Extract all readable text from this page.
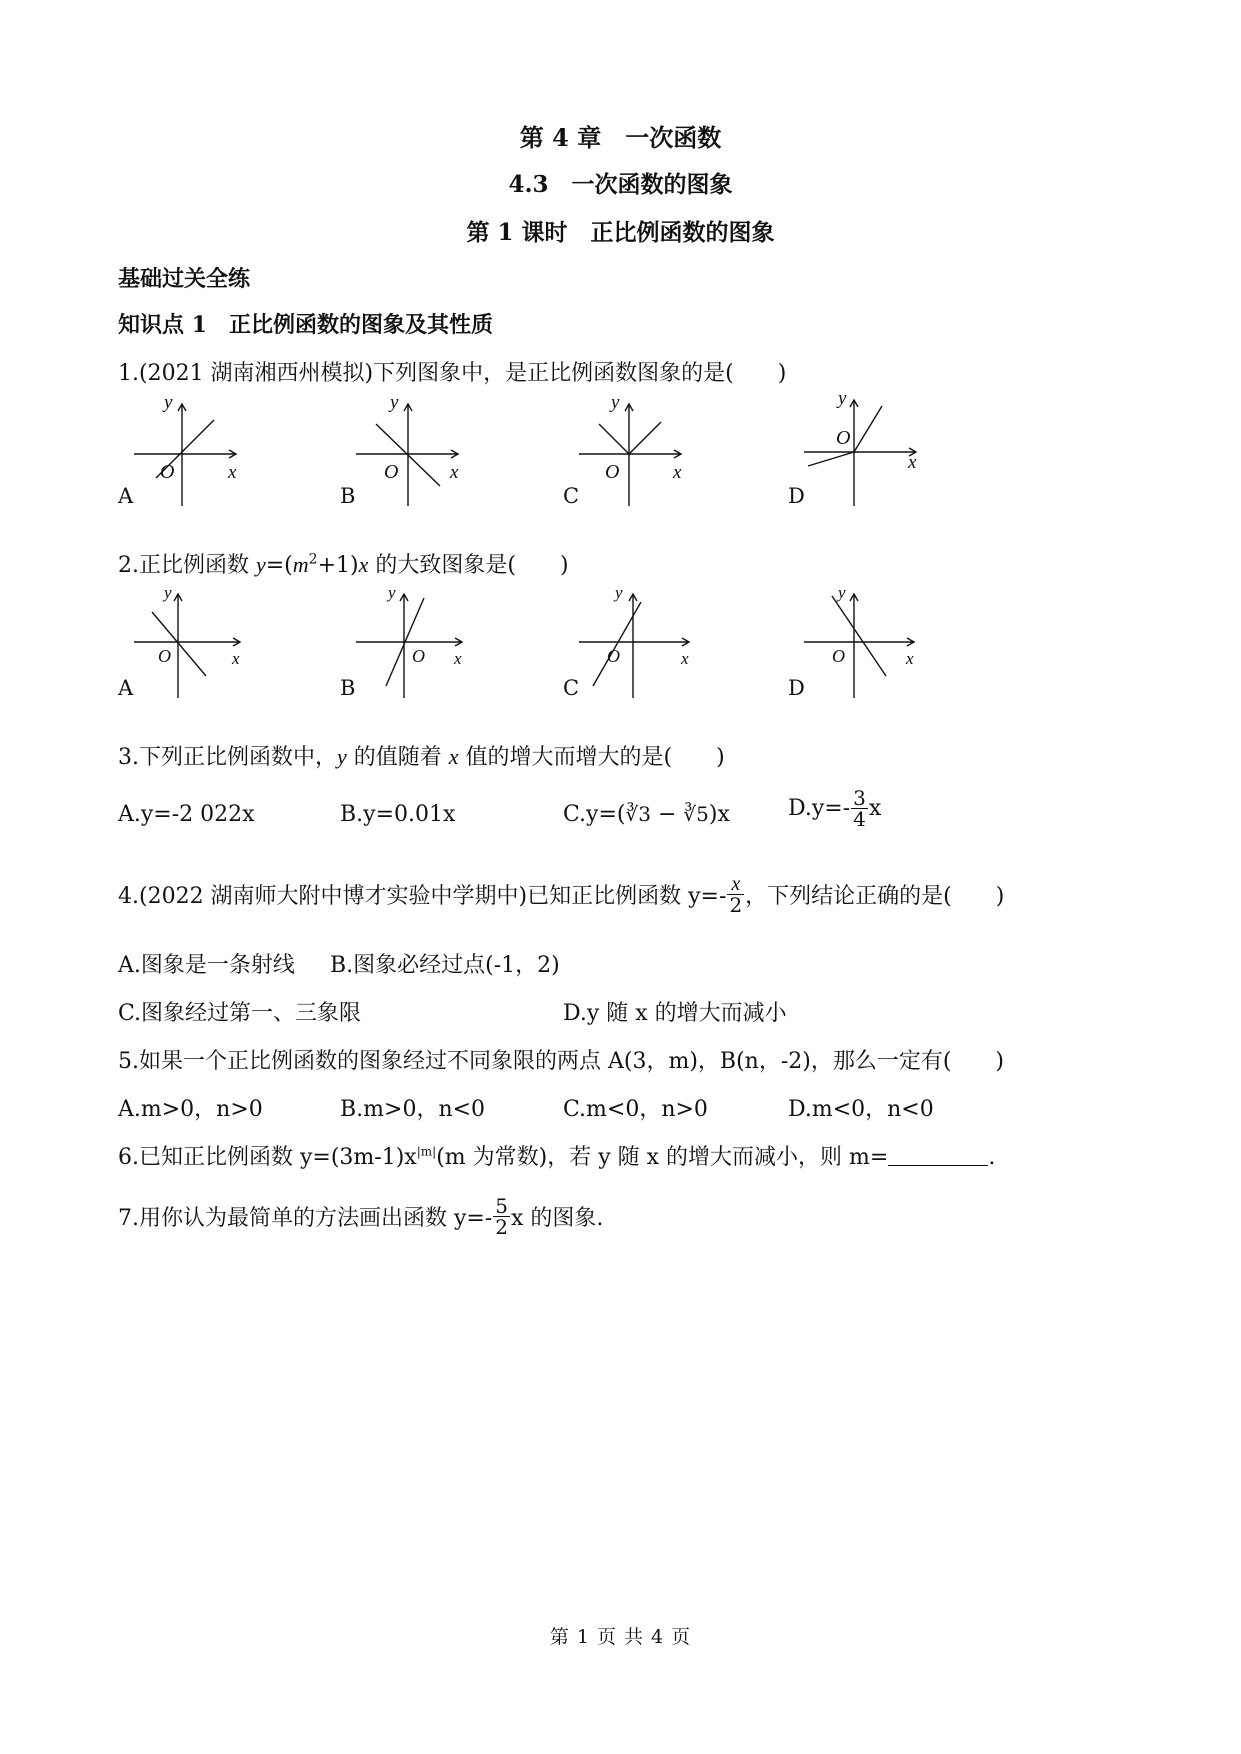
第 4 章　一次函数
4.3　一次函数的图象
第 1 课时　正比例函数的图象
基础过关全练
知识点 1　正比例函数的图象及其性质
1.(2021 湖南湘西州模拟)下列图象中，是正比例函数图象的是(　　)
y
x
O
A
y
x
O
B
y
x
O
C
y
x
O
D
2.正比例函数 $y=(m^2+1)x$ 的大致图象是(　　)
y
x
O
A
y
x
O
B
y
x
O
C
y
x
O
D
3.下列正比例函数中，y 的值随着 x 值的增大而增大的是(　　)
A.y=-2 022x	B.y=0.01x	C.y=(∛3 − ∛5)x	$D.y=- \frac{3}{4}$ x
4.(2022 湖南师大附中博才实验中学期中)已知正比例函数 $y=- \frac{x}{2}$ ，下列结论正确的是(　　)
A.图象是一条射线 B.图象必经过点(-1，2)
C.图象经过第一、三象限	D.y 随 x 的增大而减小
5.如果一个正比例函数的图象经过不同象限的两点 A(3，m)，B(n，-2)，那么一定有(　　)
A.m>0，n>0	B.m>0，n<0	C.m<0，n>0	D.m<0，n<0
6.已知正比例函数 $y=(3m-1)x^{|m|}(m$ 为常数)，若 y 随 x 的增大而减小，则 m=	.
7.用你认为最简单的方法画出函数 $y=- \frac{5}{2}$ x 的图象.
第 1 页 共 4 页
